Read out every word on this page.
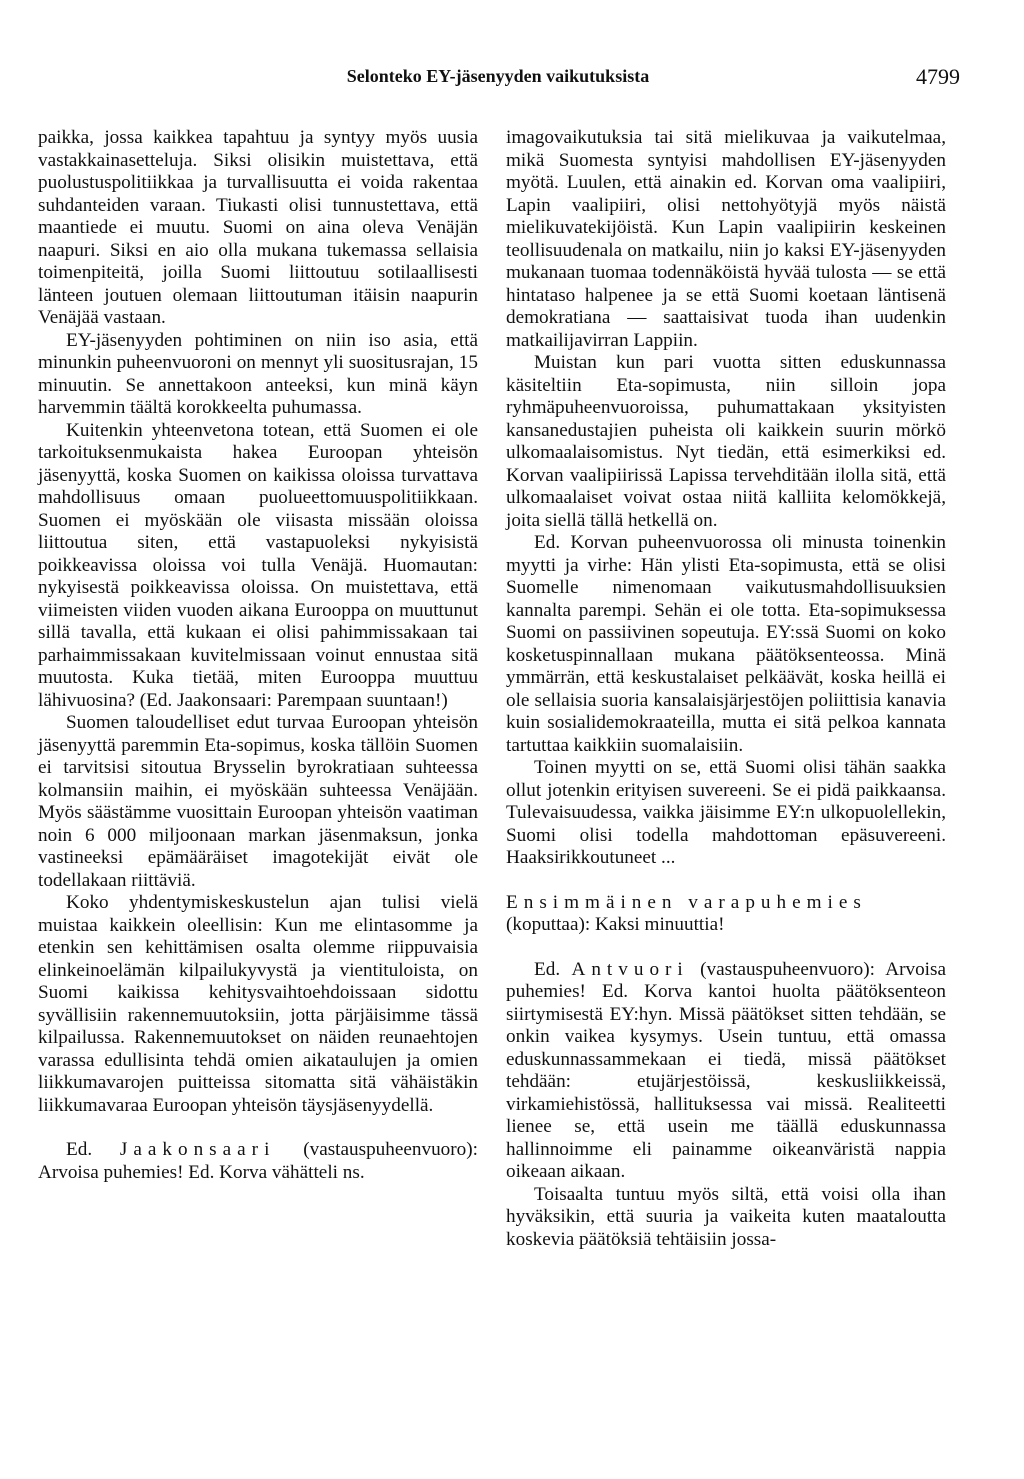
Selonteko EY-jäsenyyden vaikutuksista	4799

paikka, jossa kaikkea tapahtuu ja syntyy myös uusia vastakkainasetteluja. Siksi olisikin muistettava, että puolustuspolitiikkaa ja turvallisuutta ei voida rakentaa suhdanteiden varaan. Tiukasti olisi tunnustettava, että maantiede ei muutu. Suomi on aina oleva Venäjän naapuri. Siksi en aio olla mukana tukemassa sellaisia toimenpiteitä, joilla Suomi liittoutuu sotilaallisesti länteen joutuen olemaan liittoutuman itäisin naapurin Venäjää vastaan.

EY-jäsenyyden pohtiminen on niin iso asia, että minunkin puheenvuoroni on mennyt yli suositusrajan, 15 minuutin. Se annettakoon anteeksi, kun minä käyn harvemmin täältä korokkeelta puhumassa.

Kuitenkin yhteenvetona totean, että Suomen ei ole tarkoituksenmukaista hakea Euroopan yhteisön jäsenyyttä, koska Suomen on kaikissa oloissa turvattava mahdollisuus omaan puolueettomuuspolitiikkaan. Suomen ei myöskään ole viisasta missään oloissa liittoutua siten, että vastapuoleksi nykyisistä poikkeavissa oloissa voi tulla Venäjä. Huomautan: nykyisestä poikkeavissa oloissa. On muistettava, että viimeisten viiden vuoden aikana Eurooppa on muuttunut sillä tavalla, että kukaan ei olisi pahimmissakaan tai parhaimmissakaan kuvitelmissaan voinut ennustaa sitä muutosta. Kuka tietää, miten Eurooppa muuttuu lähivuosina? (Ed. Jaakonsaari: Parempaan suuntaan!)

Suomen taloudelliset edut turvaa Euroopan yhteisön jäsenyyttä paremmin Eta-sopimus, koska tällöin Suomen ei tarvitsisi sitoutua Brysselin byrokratiaan suhteessa kolmansiin maihin, ei myöskään suhteessa Venäjään. Myös säästämme vuosittain Euroopan yhteisön vaatiman noin 6 000 miljoonaan markan jäsenmaksun, jonka vastineeksi epämääräiset imagotekijät eivät ole todellakaan riittäviä.

Koko yhdentymiskeskustelun ajan tulisi vielä muistaa kaikkein oleellisin: Kun me elintasomme ja etenkin sen kehittämisen osalta olemme riippuvaisia elinkeinoelämän kilpailukyvystä ja vientituloista, on Suomi kaikissa kehitysvaihtoehdoissaan sidottu syvällisiin rakennemuutoksiin, jotta pärjäisimme tässä kilpailussa. Rakennemuutokset on näiden reunaehtojen varassa edullisinta tehdä omien aikataulujen ja omien liikkumavarojen puitteissa sitomatta sitä vähäistäkin liikkumavaraa Euroopan yhteisön täysjäsenyydellä.

Ed. Jaakonsaari (vastauspuheenvuoro): Arvoisa puhemies! Ed. Korva vähätteli ns.

imagovaikutuksia tai sitä mielikuvaa ja vaikutelmaa, mikä Suomesta syntyisi mahdollisen EY-jäsenyyden myötä. Luulen, että ainakin ed. Korvan oma vaalipiiri, Lapin vaalipiiri, olisi nettohyötyjä myös näistä mielikuvatekijöistä. Kun Lapin vaalipiirin keskeinen teollisuudenala on matkailu, niin jo kaksi EY-jäsenyyden mukanaan tuomaa todennäköistä hyvää tulosta — se että hintataso halpenee ja se että Suomi koetaan läntisenä demokratiana — saattaisivat tuoda ihan uudenkin matkailijavirran Lappiin.

Muistan kun pari vuotta sitten eduskunnassa käsiteltiin Eta-sopimusta, niin silloin jopa ryhmäpuheenvuoroissa, puhumattakaan yksityisten kansanedustajien puheista oli kaikkein suurin mörkö ulkomaalaisomistus. Nyt tiedän, että esimerkiksi ed. Korvan vaalipiirissä Lapissa tervehditään ilolla sitä, että ulkomaalaiset voivat ostaa niitä kalliita kelomökkejä, joita siellä tällä hetkellä on.

Ed. Korvan puheenvuorossa oli minusta toinenkin myytti ja virhe: Hän ylisti Eta-sopimusta, että se olisi Suomelle nimenomaan vaikutusmahdollisuuksien kannalta parempi. Sehän ei ole totta. Eta-sopimuksessa Suomi on passiivinen sopeutuja. EY:ssä Suomi on koko kosketuspinnallaan mukana päätöksenteossa. Minä ymmärrän, että keskustalaiset pelkäävät, koska heillä ei ole sellaisia suoria kansalaisjärjestöjen poliittisia kanavia kuin sosialidemokraateilla, mutta ei sitä pelkoa kannata tartuttaa kaikkiin suomalaisiin.

Toinen myytti on se, että Suomi olisi tähän saakka ollut jotenkin erityisen suvereeni. Se ei pidä paikkaansa. Tulevaisuudessa, vaikka jäisimme EY:n ulkopuolellekin, Suomi olisi todella mahdottoman epäsuvereeni. Haaksirikkoutuneet ...

Ensimmäinen varapuhemies
(koputtaa): Kaksi minuuttia!

Ed. Antvuori (vastauspuheenvuoro): Arvoisa puhemies! Ed. Korva kantoi huolta päätöksenteon siirtymisestä EY:hyn. Missä päätökset sitten tehdään, se onkin vaikea kysymys. Usein tuntuu, että omassa eduskunnassammekaan ei tiedä, missä päätökset tehdään: etujärjestöissä, keskusliikkeissä, virkamiehistössä, hallituksessa vai missä. Realiteetti lienee se, että usein me täällä eduskunnassa hallinnoimme eli painamme oikeanväristä nappia oikeaan aikaan.

Toisaalta tuntuu myös siltä, että voisi olla ihan hyväksikin, että suuria ja vaikeita kuten maataloutta koskevia päätöksiä tehtäisiin jossa-
